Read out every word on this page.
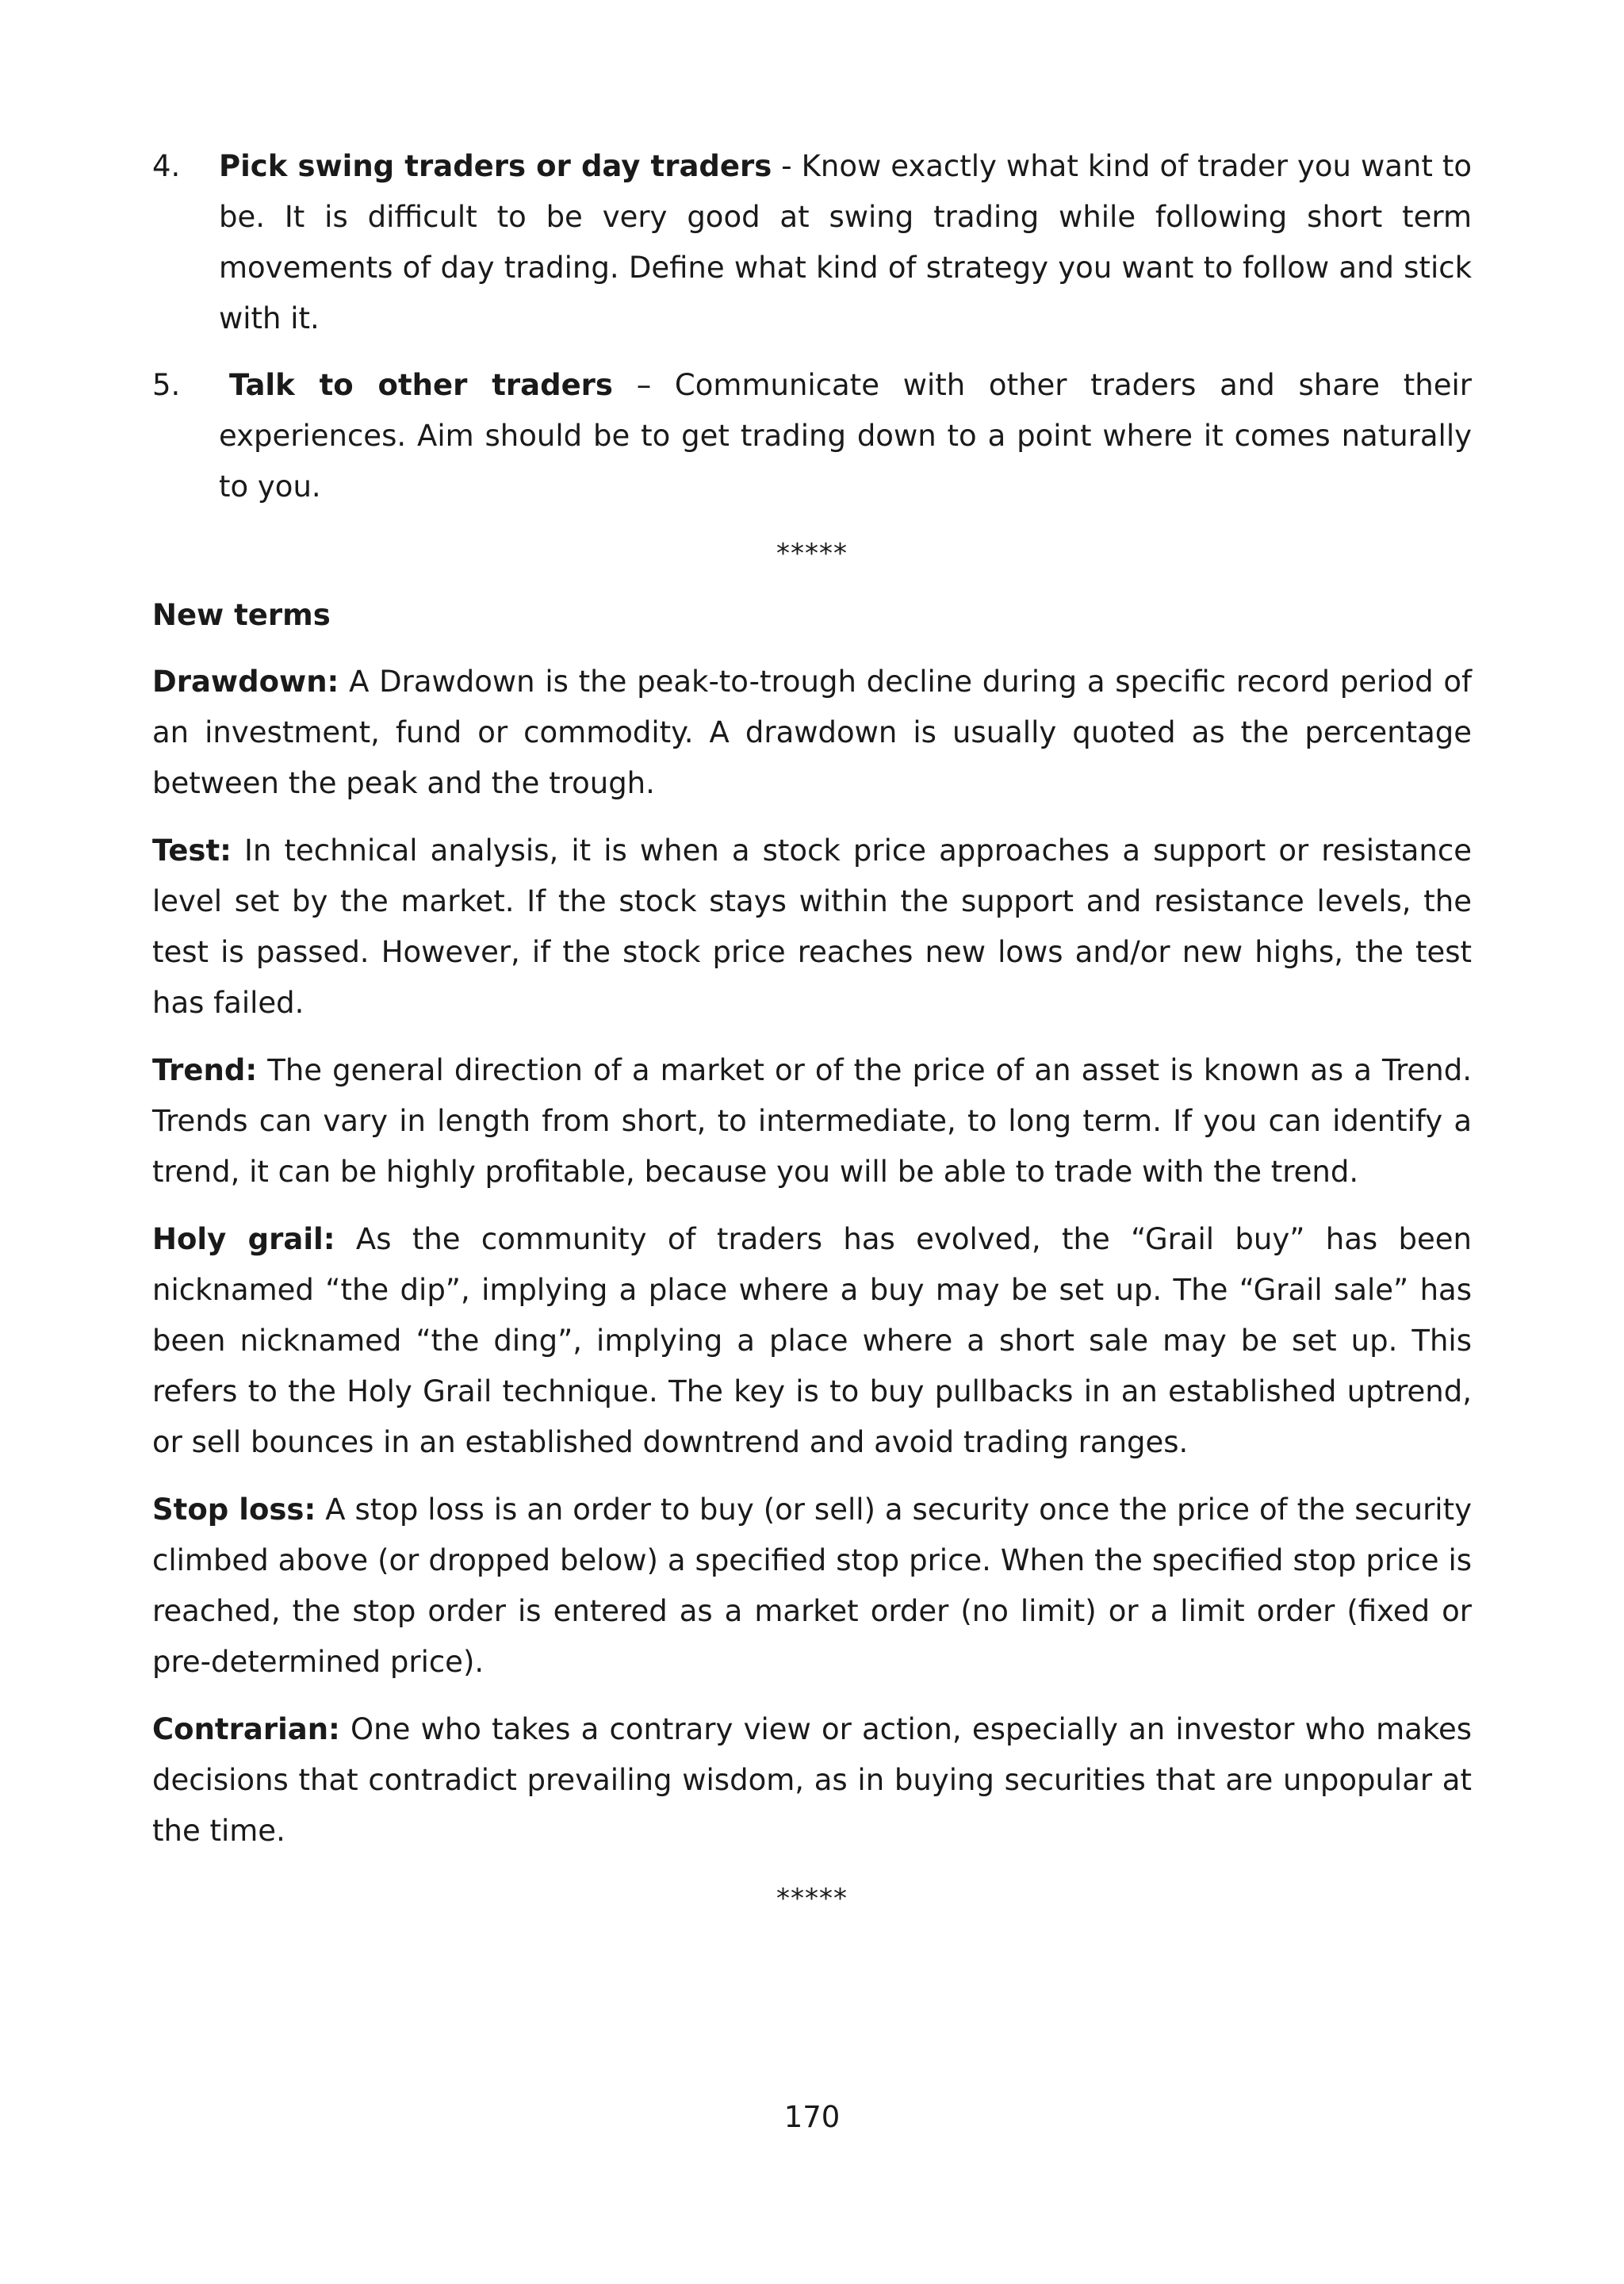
4.	Pick swing traders or day traders - Know exactly what kind of trader you want to be. It is difficult to be very good at swing trading while following short term movements of day trading. Define what kind of strategy you want to follow and stick with it.
5.	Talk to other traders – Communicate with other traders and share their experiences. Aim should be to get trading down to a point where it comes naturally to you.
*****
New terms

Drawdown: A Drawdown is the peak-to-trough decline during a specific record period of an investment, fund or commodity. A drawdown is usually quoted as the percentage between the peak and the trough.

Test: In technical analysis, it is when a stock price approaches a support or resistance level set by the market. If the stock stays within the support and resistance levels, the test is passed. However, if the stock price reaches new lows and/or new highs, the test has failed.

Trend: The general direction of a market or of the price of an asset is known as a Trend. Trends can vary in length from short, to intermediate, to long term. If you can identify a trend, it can be highly profitable, because you will be able to trade with the trend.

Holy grail: As the community of traders has evolved, the “Grail buy” has been nicknamed “the dip”, implying a place where a buy may be set up. The “Grail sale” has been nicknamed “the ding”, implying a place where a short sale may be set up. This refers to the Holy Grail technique. The key is to buy pullbacks in an established uptrend, or sell bounces in an established downtrend and avoid trading ranges.

Stop loss: A stop loss is an order to buy (or sell) a security once the price of the security climbed above (or dropped below) a specified stop price. When the specified stop price is reached, the stop order is entered as a market order (no limit) or a limit order (fixed or pre-determined price).

Contrarian: One who takes a contrary view or action, especially an investor who makes decisions that contradict prevailing wisdom, as in buying securities that are unpopular at the time.

*****
170
